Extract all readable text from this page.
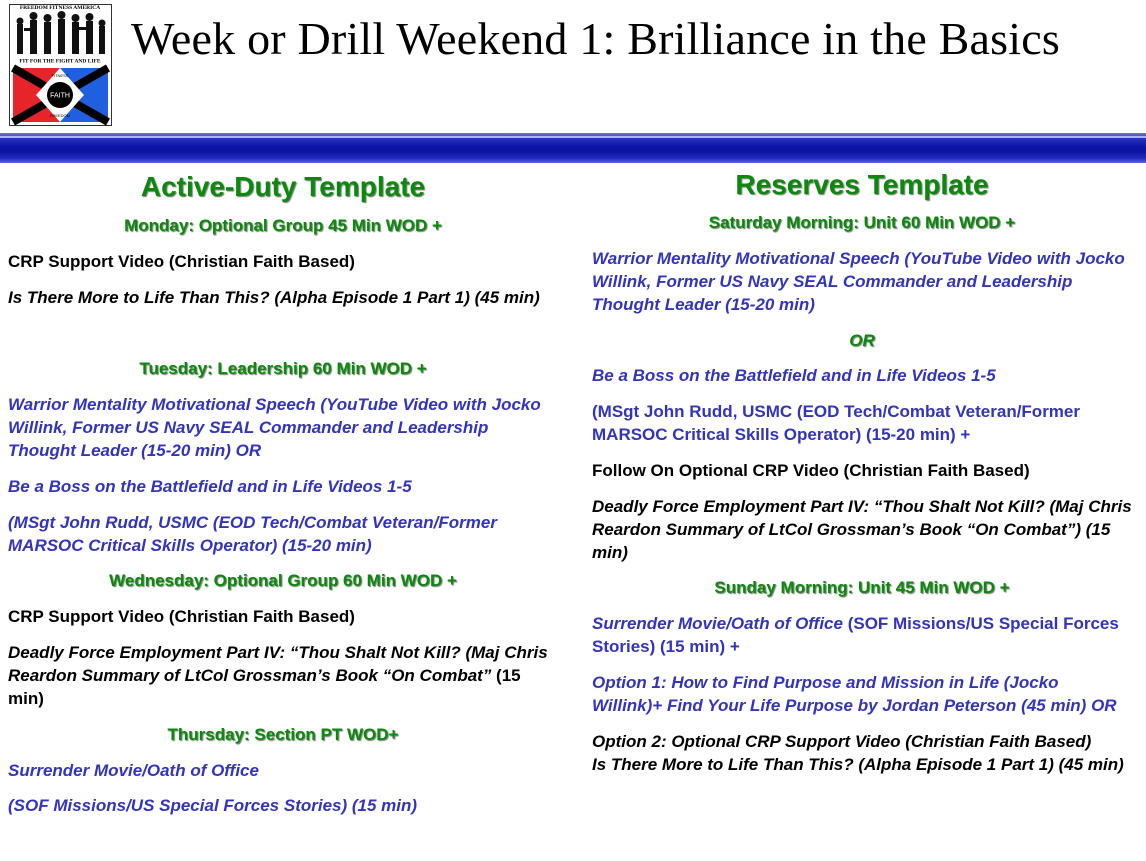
FREEDOM FITNESS AMERICA
FIT FOR THE FIGHT AND LIFE
FAITH
FITNESS
FREEDOM
Week or Drill Weekend 1: Brilliance in the Basics
Active-Duty Template
Monday: Optional Group 45 Min WOD +

CRP Support Video (Christian Faith Based)

Is There More to Life Than This? (Alpha Episode 1 Part 1) (45 min)

Tuesday: Leadership 60 Min WOD +

Warrior Mentality Motivational Speech (YouTube Video with Jocko Willink, Former US Navy SEAL Commander and Leadership Thought Leader (15-20 min) OR

Be a Boss on the Battlefield and in Life Videos 1-5

(MSgt John Rudd, USMC (EOD Tech/Combat Veteran/Former MARSOC Critical Skills Operator) (15-20 min)

Wednesday: Optional Group 60 Min WOD +

CRP Support Video (Christian Faith Based)

Deadly Force Employment Part IV: “Thou Shalt Not Kill? (Maj Chris Reardon Summary of LtCol Grossman’s Book “On Combat” (15 min)

Thursday: Section PT WOD+

Surrender Movie/Oath of Office

(SOF Missions/US Special Forces Stories) (15 min)

Reserves Template
Saturday Morning: Unit 60 Min WOD +

Warrior Mentality Motivational Speech (YouTube Video with Jocko Willink, Former US Navy SEAL Commander and Leadership Thought Leader (15-20 min)

OR

Be a Boss on the Battlefield and in Life Videos 1-5

(MSgt John Rudd, USMC (EOD Tech/Combat Veteran/Former MARSOC Critical Skills Operator) (15-20 min) +

Follow On Optional CRP Video (Christian Faith Based)

Deadly Force Employment Part IV: “Thou Shalt Not Kill? (Maj Chris Reardon Summary of LtCol Grossman’s Book “On Combat”) (15 min)

Sunday Morning: Unit 45 Min WOD +

Surrender Movie/Oath of Office (SOF Missions/US Special Forces Stories) (15 min) +

Option 1: How to Find Purpose and Mission in Life (Jocko Willink)+ Find Your Life Purpose by Jordan Peterson (45 min) OR

Option 2: Optional CRP Support Video (Christian Faith Based)
Is There More to Life Than This? (Alpha Episode 1 Part 1) (45 min)
